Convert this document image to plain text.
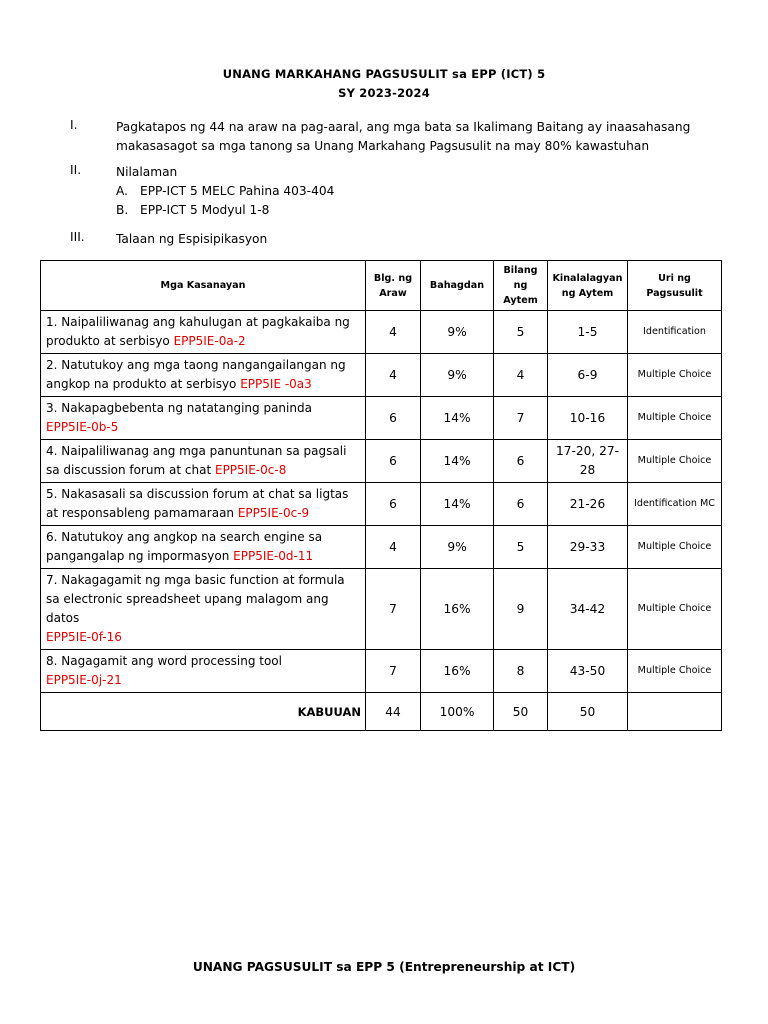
UNANG MARKAHANG PAGSUSULIT sa EPP (ICT) 5
SY 2023-2024
I.	Pagkatapos ng 44 na araw na pag-aaral, ang mga bata sa Ikalimang Baitang ay inaasahasang makasasagot sa mga tanong sa Unang Markahang Pagsusulit na may 80% kawastuhan
II.	Nilalaman
A. EPP-ICT 5 MELC Pahina 403-404
B. EPP-ICT 5 Modyul 1-8
III.	Talaan ng Espisipikasyon
Mga Kasanayan	Blg. ng Araw	Bahagdan	Bilang ng Aytem	Kinalalagyan ng Aytem	Uri ng Pagsusulit
1. Naipaliliwanag ang kahulugan at pagkakaiba ng produkto at serbisyo EPP5IE-0a-2	4	9%	5	1-5	Identification
2. Natutukoy ang mga taong nangangailangan ng angkop na produkto at serbisyo EPP5IE -0a3	4	9%	4	6-9	Multiple Choice
3. Nakapagbebenta ng natatanging paninda
EPP5IE-0b-5	6	14%	7	10-16	Multiple Choice
4. Naipaliliwanag ang mga panuntunan sa pagsali sa discussion forum at chat EPP5IE-0c-8	6	14%	6	17-20, 27-28	Multiple Choice
5. Nakasasali sa discussion forum at chat sa ligtas at responsableng pamamaraan EPP5IE-0c-9	6	14%	6	21-26	Identification MC
6. Natutukoy ang angkop na search engine sa pangangalap ng impormasyon EPP5IE-0d-11	4	9%	5	29-33	Multiple Choice
7. Nakagagamit ng mga basic function at formula sa electronic spreadsheet upang malagom ang datos
EPP5IE-0f-16	7	16%	9	34-42	Multiple Choice
8. Nagagamit ang word processing tool
EPP5IE-0j-21	7	16%	8	43-50	Multiple Choice
KABUUAN	44	100%	50	50	
UNANG PAGSUSULIT sa EPP 5 (Entrepreneurship at ICT)
